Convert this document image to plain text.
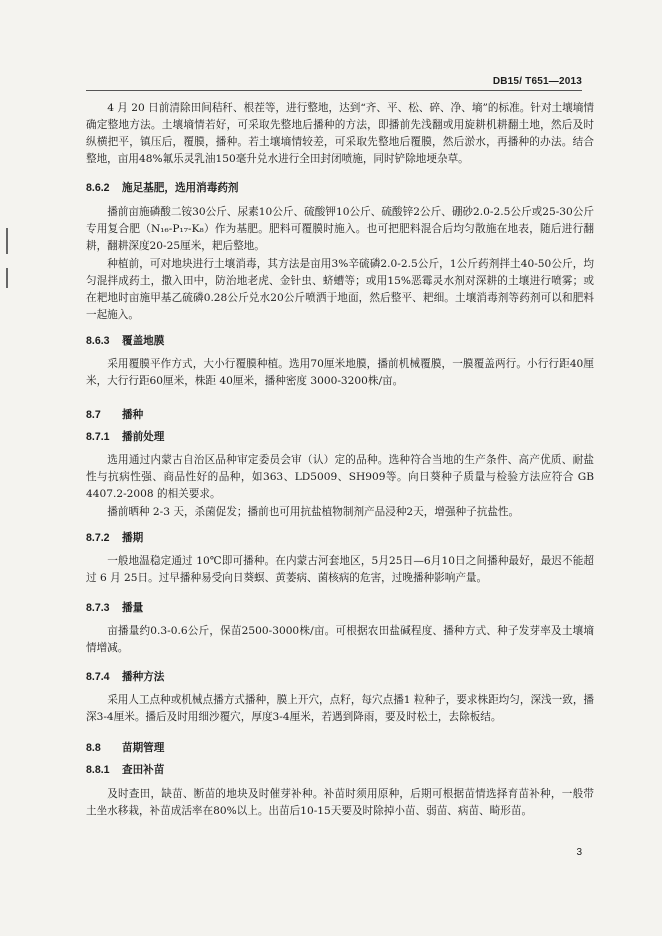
DB15/ T651—2013

4 月 20 日前清除田间秸秆、根茬等，进行整地，达到“齐、平、松、碎、净、墒”的标准。针对土壤墒情确定整地方法。土壤墒情若好，可采取先整地后播种的方法，即播前先浅翻或用旋耕机耕翻土地，然后及时纵横把平，镇压后，覆膜，播种。若土壤墒情较差，可采取先整地后覆膜，然后淤水，再播种的办法。结合整地，亩用48%氟乐灵乳油150毫升兑水进行全田封闭喷施，同时铲除地埂杂草。

8.6.2 施足基肥，选用消毒药剂

播前亩施磷酸二铵30公斤、尿素10公斤、硫酸钾10公斤、硫酸锌2公斤、硼砂2.0-2.5公斤或25-30公斤专用复合肥（N₁₆-P₁₇-K₈）作为基肥。肥料可覆膜时施入。也可把肥料混合后均匀散施在地表，随后进行翻耕，翻耕深度20-25厘米，耙后整地。

种植前，可对地块进行土壤消毒，其方法是亩用3%辛硫磷2.0-2.5公斤，1公斤药剂拌土40-50公斤，均匀混拌成药土，撒入田中，防治地老虎、金针虫、蛴螬等；或用15%恶霉灵水剂对深耕的土壤进行喷雾；或在耙地时亩施甲基乙硫磷0.28公斤兑水20公斤喷洒于地面，然后整平、耙细。土壤消毒剂等药剂可以和肥料一起施入。

8.6.3 覆盖地膜

采用覆膜平作方式，大小行覆膜种植。选用70厘米地膜，播前机械覆膜，一膜覆盖两行。小行行距40厘米，大行行距60厘米，株距 40厘米，播种密度 3000-3200株/亩。

8.7 播种
8.7.1 播前处理

选用通过内蒙古自治区品种审定委员会审（认）定的品种。选种符合当地的生产条件、高产优质、耐盐性与抗病性强、商品性好的品种，如363、LD5009、SH909等。向日葵种子质量与检验方法应符合 GB 4407.2-2008 的相关要求。

播前晒种 2-3 天，杀菌促发；播前也可用抗盐植物制剂产品浸种2天，增强种子抗盐性。

8.7.2 播期

一般地温稳定通过 10℃即可播种。在内蒙古河套地区，5月25日—6月10日之间播种最好，最迟不能超过 6 月 25日。过早播种易受向日葵螟、黄萎病、菌核病的危害，过晚播种影响产量。

8.7.3 播量

亩播量约0.3-0.6公斤，保苗2500-3000株/亩。可根据农田盐碱程度、播种方式、种子发芽率及土壤墒情增减。

8.7.4 播种方法

采用人工点种或机械点播方式播种，膜上开穴，点籽，每穴点播1 粒种子，要求株距均匀，深浅一致，播深3-4厘米。播后及时用细沙覆穴，厚度3-4厘米，若遇到降雨，要及时松土，去除板结。

8.8 苗期管理
8.8.1 查田补苗

及时查田，缺苗、断苗的地块及时催芽补种。补苗时须用原种，后期可根据苗情选择育苗补种，一般带土坐水移栽，补苗成活率在80%以上。出苗后10-15天要及时除掉小苗、弱苗、病苗、畸形苗。

3
